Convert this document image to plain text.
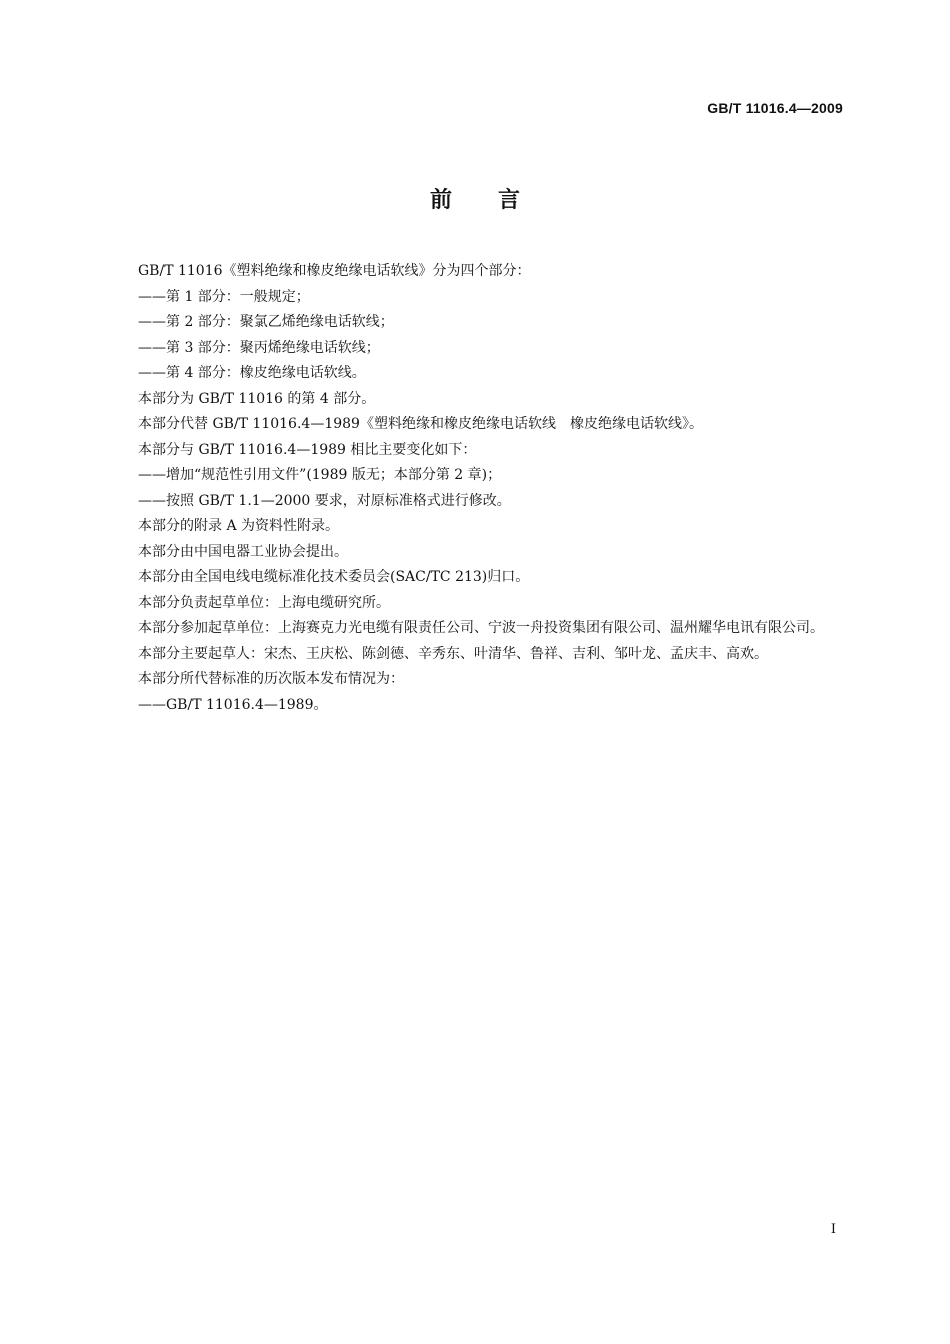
GB/T 11016.4—2009
前言

GB/T 11016《塑料绝缘和橡皮绝缘电话软线》分为四个部分：

——第 1 部分：一般规定；

——第 2 部分：聚氯乙烯绝缘电话软线；

——第 3 部分：聚丙烯绝缘电话软线；

——第 4 部分：橡皮绝缘电话软线。

本部分为 GB/T 11016 的第 4 部分。

本部分代替 GB/T 11016.4—1989《塑料绝缘和橡皮绝缘电话软线　橡皮绝缘电话软线》。

本部分与 GB/T 11016.4—1989 相比主要变化如下：

——增加“规范性引用文件”(1989 版无；本部分第 2 章)；

——按照 GB/T 1.1—2000 要求，对原标准格式进行修改。

本部分的附录 A 为资料性附录。

本部分由中国电器工业协会提出。

本部分由全国电线电缆标准化技术委员会(SAC/TC 213)归口。

本部分负责起草单位：上海电缆研究所。

本部分参加起草单位：上海赛克力光电缆有限责任公司、宁波一舟投资集团有限公司、温州耀华电讯有限公司。

本部分主要起草人：宋杰、王庆松、陈剑德、辛秀东、叶清华、鲁祥、吉利、邹叶龙、孟庆丰、高欢。

本部分所代替标准的历次版本发布情况为：

——GB/T 11016.4—1989。

I
